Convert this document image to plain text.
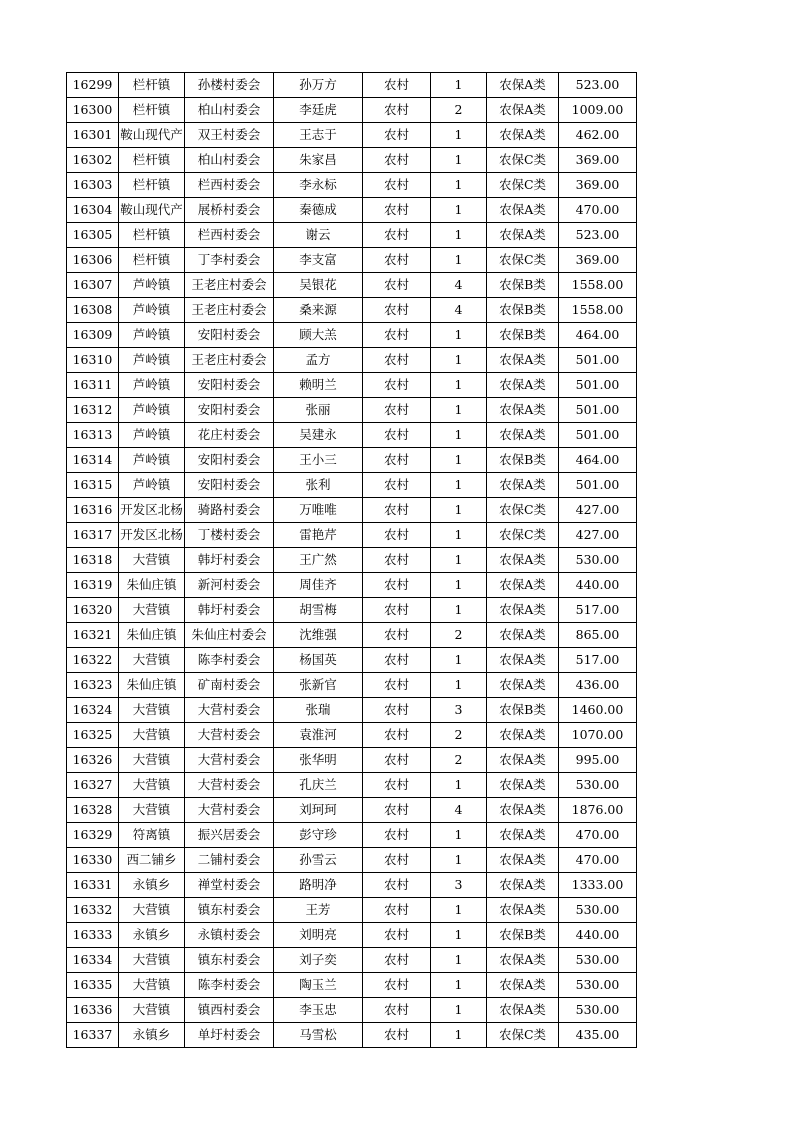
16299	栏杆镇	孙楼村委会	孙万方	农村	1	农保A类	523.00
16300	栏杆镇	柏山村委会	李廷虎	农村	2	农保A类	1009.00
16301	鞍山现代产	双王村委会	王志于	农村	1	农保A类	462.00
16302	栏杆镇	柏山村委会	朱家昌	农村	1	农保C类	369.00
16303	栏杆镇	栏西村委会	李永标	农村	1	农保C类	369.00
16304	鞍山现代产	展桥村委会	秦德成	农村	1	农保A类	470.00
16305	栏杆镇	栏西村委会	谢云	农村	1	农保A类	523.00
16306	栏杆镇	丁李村委会	李支富	农村	1	农保C类	369.00
16307	芦岭镇	王老庄村委会	吴银花	农村	4	农保B类	1558.00
16308	芦岭镇	王老庄村委会	桑来源	农村	4	农保B类	1558.00
16309	芦岭镇	安阳村委会	顾大羔	农村	1	农保B类	464.00
16310	芦岭镇	王老庄村委会	孟方	农村	1	农保A类	501.00
16311	芦岭镇	安阳村委会	赖明兰	农村	1	农保A类	501.00
16312	芦岭镇	安阳村委会	张丽	农村	1	农保A类	501.00
16313	芦岭镇	花庄村委会	吴建永	农村	1	农保A类	501.00
16314	芦岭镇	安阳村委会	王小三	农村	1	农保B类	464.00
16315	芦岭镇	安阳村委会	张利	农村	1	农保A类	501.00
16316	开发区北杨	骑路村委会	万唯唯	农村	1	农保C类	427.00
16317	开发区北杨	丁楼村委会	雷艳芹	农村	1	农保C类	427.00
16318	大营镇	韩圩村委会	王广然	农村	1	农保A类	530.00
16319	朱仙庄镇	新河村委会	周佳齐	农村	1	农保A类	440.00
16320	大营镇	韩圩村委会	胡雪梅	农村	1	农保A类	517.00
16321	朱仙庄镇	朱仙庄村委会	沈维强	农村	2	农保A类	865.00
16322	大营镇	陈李村委会	杨国英	农村	1	农保A类	517.00
16323	朱仙庄镇	矿南村委会	张新官	农村	1	农保A类	436.00
16324	大营镇	大营村委会	张瑞	农村	3	农保B类	1460.00
16325	大营镇	大营村委会	袁淮河	农村	2	农保A类	1070.00
16326	大营镇	大营村委会	张华明	农村	2	农保A类	995.00
16327	大营镇	大营村委会	孔庆兰	农村	1	农保A类	530.00
16328	大营镇	大营村委会	刘珂珂	农村	4	农保A类	1876.00
16329	符离镇	振兴居委会	彭守珍	农村	1	农保A类	470.00
16330	西二铺乡	二铺村委会	孙雪云	农村	1	农保A类	470.00
16331	永镇乡	禅堂村委会	路明净	农村	3	农保A类	1333.00
16332	大营镇	镇东村委会	王芳	农村	1	农保A类	530.00
16333	永镇乡	永镇村委会	刘明亮	农村	1	农保B类	440.00
16334	大营镇	镇东村委会	刘子奕	农村	1	农保A类	530.00
16335	大营镇	陈李村委会	陶玉兰	农村	1	农保A类	530.00
16336	大营镇	镇西村委会	李玉忠	农村	1	农保A类	530.00
16337	永镇乡	单圩村委会	马雪松	农村	1	农保C类	435.00
